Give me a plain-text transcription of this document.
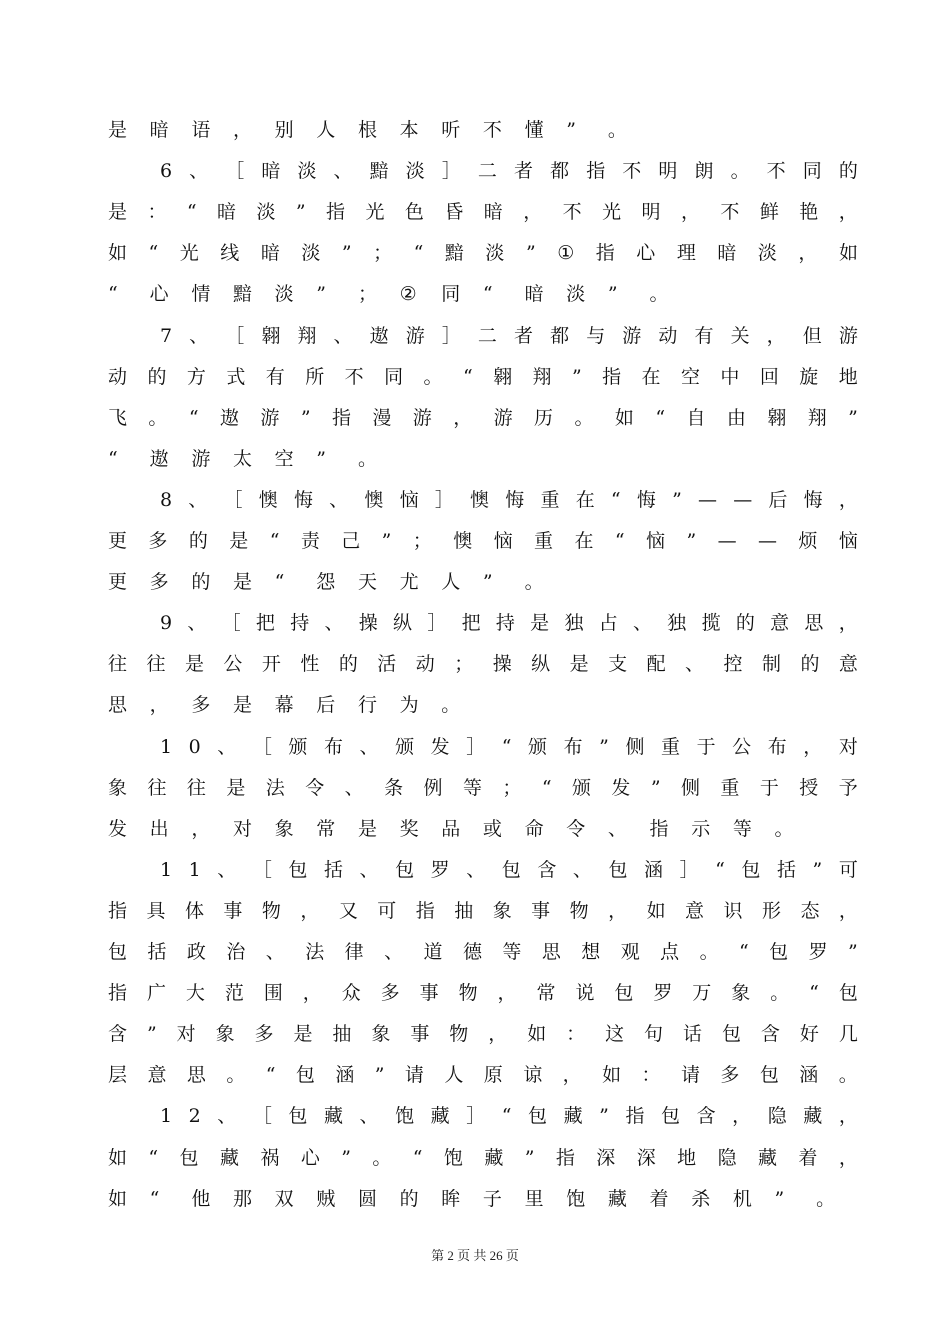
是	暗	语	，	别	人	根	本	听	不	懂	”	。
6 、 ［ 暗 淡 、 黯 淡 ］ 二 者 都 指 不 明 朗 。 不 同 的
是 ： “ 暗 淡 ” 指 光 色 昏 暗 ， 不 光 明 ， 不 鲜 艳 ，
如 “ 光 线 暗 淡 ” ； “ 黯 淡 ” ① 指 心 理 暗 淡 ， 如
“	心	情	黯	淡	”	；	②	同	“	暗	淡	”	。
7 、 ［ 翱 翔 、 遨 游 ］ 二 者 都 与 游 动 有 关 ， 但 游
动 的 方 式 有 所 不 同 。 “ 翱 翔 ” 指 在 空 中 回 旋 地
飞 。 “ 遨 游 ” 指 漫 游 ， 游 历 。 如 “ 自 由 翱 翔 ”
“	遨	游	太	空	”	。
8 、 ［ 懊 悔 、 懊 恼 ］ 懊 悔 重 在 “ 悔 ” — — 后 悔 ，
更 多 的 是 “ 责 己 ” ； 懊 恼 重 在 “ 恼 ” — — 烦 恼
更	多	的	是	“	怨	天	尤	人	”	。
9 、 ［ 把 持 、 操 纵 ］ 把 持 是 独 占 、 独 揽 的 意 思 ，
往 往 是 公 开 性 的 活 动 ； 操 纵 是 支 配 、 控 制 的 意
思	，	多	是	幕	后	行	为	。
1 0 、 ［ 颁 布 、 颁 发 ］ “ 颁 布 ” 侧 重 于 公 布 ， 对
象 往 往 是 法 令 、 条 例 等 ； “ 颁 发 ” 侧 重 于 授 予
发	出	，	对	象	常	是	奖	品	或	命	令	、	指	示	等	。
1 1 、 ［ 包 括 、 包 罗 、 包 含 、 包 涵 ］ “ 包 括 ” 可
指 具 体 事 物 ， 又 可 指 抽 象 事 物 ， 如 意 识 形 态 ，
包 括 政 治 、 法 律 、 道 德 等 思 想 观 点 。 “ 包 罗 ”
指 广 大 范 围 ， 众 多 事 物 ， 常 说 包 罗 万 象 。 “ 包
含 ” 对 象 多 是 抽 象 事 物 ， 如 ： 这 句 话 包 含 好 几
层 意 思 。 “ 包 涵 ” 请 人 原 谅 ， 如 ： 请 多 包 涵 。
1 2 、 ［ 包 藏 、 饱 藏 ］ “ 包 藏 ” 指 包 含 ， 隐 藏 ，
如 “ 包 藏 祸 心 ” 。 “ 饱 藏 ” 指 深 深 地 隐 藏 着 ，
如	“	他	那	双	贼	圆	的	眸	子	里	饱	藏	着	杀	机	”	。
第 2 页 共 26 页
